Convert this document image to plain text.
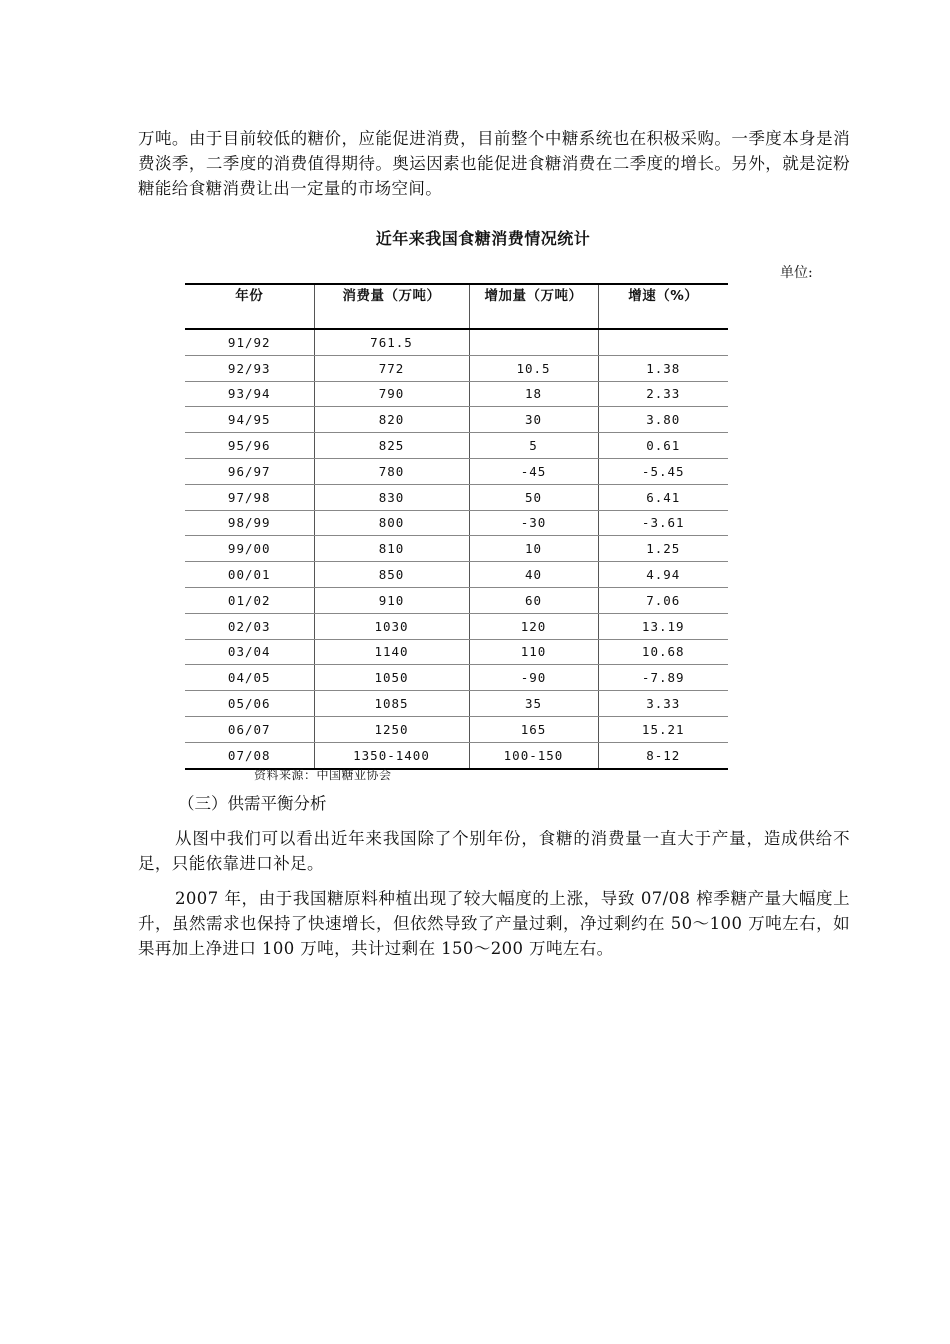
万吨。由于目前较低的糖价，应能促进消费，目前整个中糖系统也在积极采购。一季度本身是消费淡季，二季度的消费值得期待。奥运因素也能促进食糖消费在二季度的增长。另外，就是淀粉糖能给食糖消费让出一定量的市场空间。

近年来我国食糖消费情况统计

单位:

年份	消费量（万吨）	增加量（万吨）	增速（%）
91/92	761.5		
92/93	772	10.5	1.38
93/94	790	18	2.33
94/95	820	30	3.80
95/96	825	5	0.61
96/97	780	-45	-5.45
97/98	830	50	6.41
98/99	800	-30	-3.61
99/00	810	10	1.25
00/01	850	40	4.94
01/02	910	60	7.06
02/03	1030	120	13.19
03/04	1140	110	10.68
04/05	1050	-90	-7.89
05/06	1085	35	3.33
06/07	1250	165	15.21
07/08	1350-1400	100-150	8-12

资料来源：中国糖业协会

（三）供需平衡分析

从图中我们可以看出近年来我国除了个别年份，食糖的消费量一直大于产量，造成供给不足，只能依靠进口补足。

2007 年，由于我国糖原料种植出现了较大幅度的上涨，导致 07/08 榨季糖产量大幅度上升，虽然需求也保持了快速增长，但依然导致了产量过剩，净过剩约在 50～100 万吨左右，如果再加上净进口 100 万吨，共计过剩在 150～200 万吨左右。
